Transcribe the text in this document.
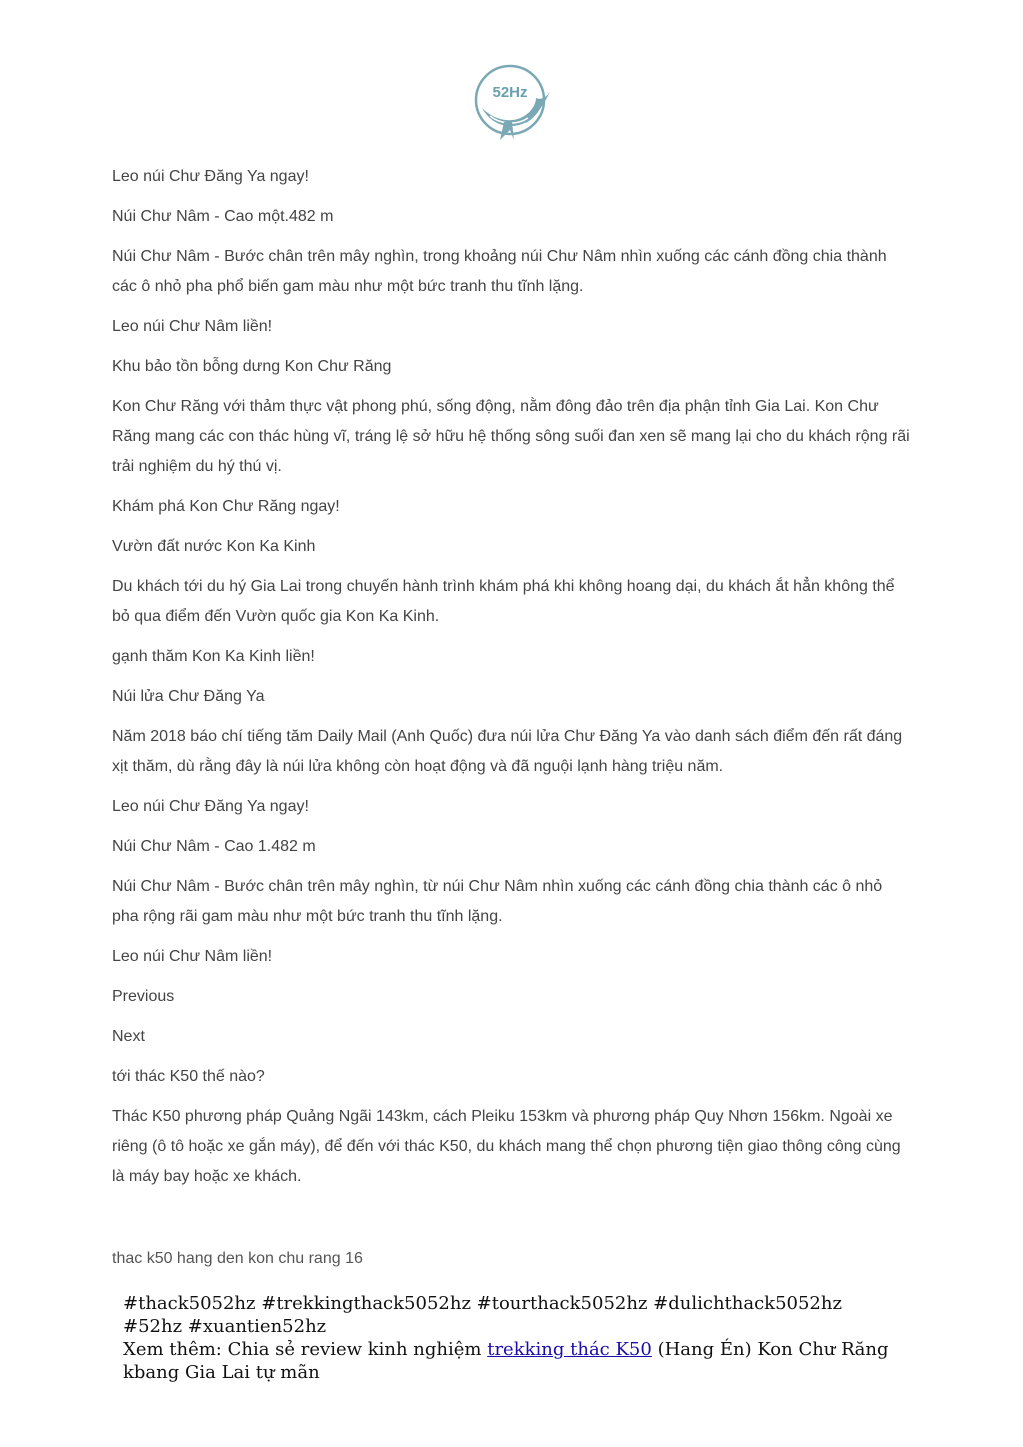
52Hz

Leo núi Chư Đăng Ya ngay!

Núi Chư Nâm - Cao một.482 m

Núi Chư Nâm - Bước chân trên mây nghìn, trong khoảng núi Chư Nâm nhìn xuống các cánh đồng chia thành các ô nhỏ pha phổ biến gam màu như một bức tranh thu tĩnh lặng.

Leo núi Chư Nâm liền!

Khu bảo tồn bỗng dưng Kon Chư Răng

Kon Chư Răng với thảm thực vật phong phú, sống động, nằm đông đảo trên địa phận tỉnh Gia Lai. Kon Chư Răng mang các con thác hùng vĩ, tráng lệ sở hữu hệ thống sông suối đan xen sẽ mang lại cho du khách rộng rãi trải nghiệm du hý thú vị.

Khám phá Kon Chư Răng ngay!

Vườn đất nước Kon Ka Kinh

Du khách tới du hý Gia Lai trong chuyến hành trình khám phá khi không hoang dại, du khách ắt hẳn không thể bỏ qua điểm đến Vườn quốc gia Kon Ka Kinh.

gạnh thăm Kon Ka Kinh liền!

Núi lửa Chư Đăng Ya

Năm 2018 báo chí tiếng tăm Daily Mail (Anh Quốc) đưa núi lửa Chư Đăng Ya vào danh sách điểm đến rất đáng xịt thăm, dù rằng đây là núi lửa không còn hoạt động và đã nguội lạnh hàng triệu năm.

Leo núi Chư Đăng Ya ngay!

Núi Chư Nâm - Cao 1.482 m

Núi Chư Nâm - Bước chân trên mây nghìn, từ núi Chư Nâm nhìn xuống các cánh đồng chia thành các ô nhỏ pha rộng rãi gam màu như một bức tranh thu tĩnh lặng.

Leo núi Chư Nâm liền!

Previous

Next

tới thác K50 thế nào?

Thác K50 phương pháp Quảng Ngãi 143km, cách Pleiku 153km và phương pháp Quy Nhơn 156km. Ngoài xe riêng (ô tô hoặc xe gắn máy), để đến với thác K50, du khách mang thể chọn phương tiện giao thông công cùng là máy bay hoặc xe khách.

thac k50 hang den kon chu rang 16

#thack5052hz #trekkingthack5052hz #tourthack5052hz #dulichthack5052hz #52hz #xuantien52hz

Xem thêm: Chia sẻ review kinh nghiệm trekking thác K50 (Hang Én) Kon Chư Răng kbang Gia Lai tự mãn
